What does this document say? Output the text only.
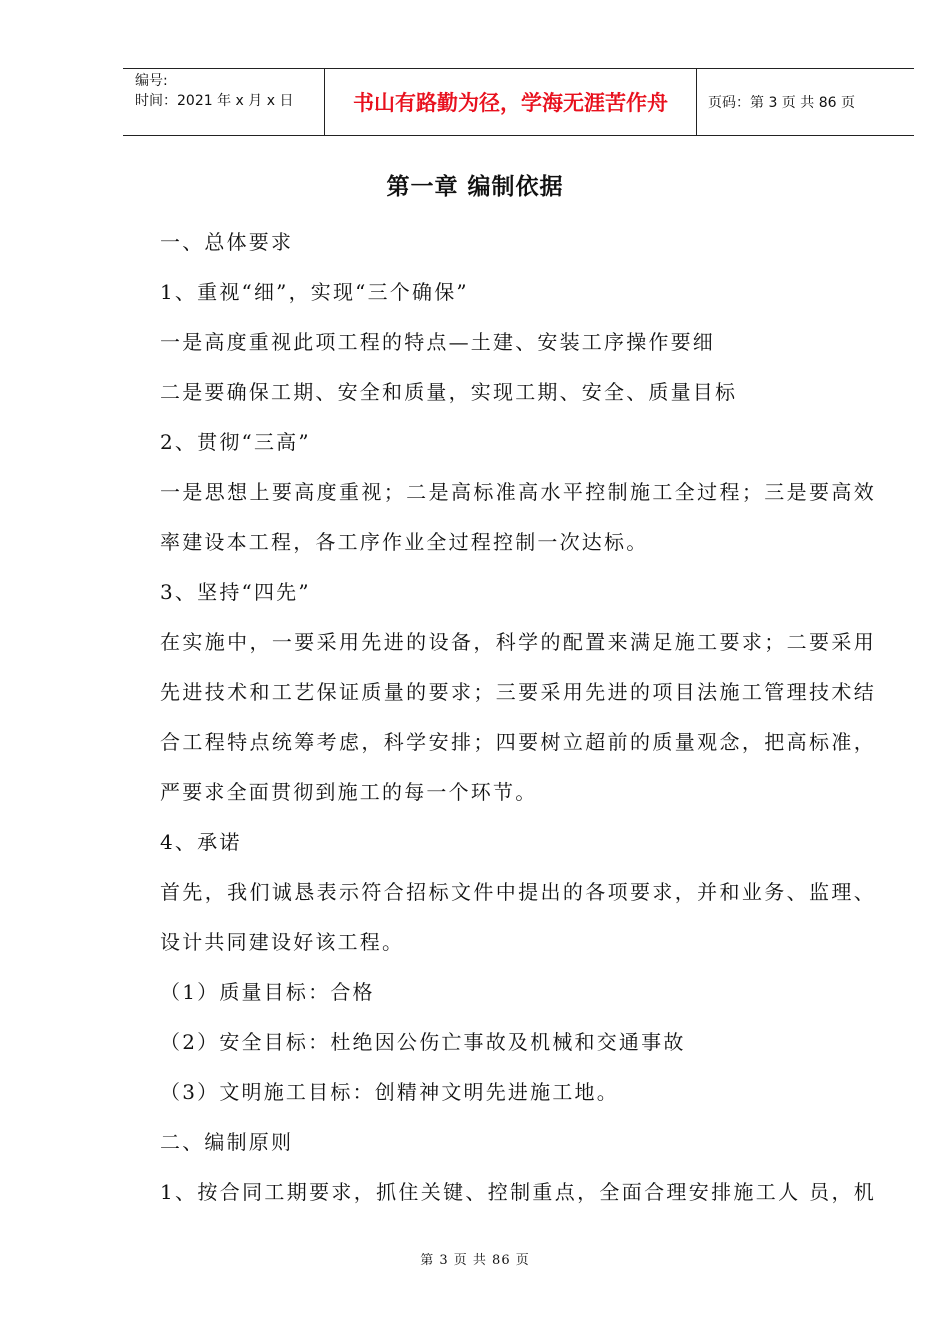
编号:
时间：2021 年 x 月 x 日	书山有路勤为径，学海无涯苦作舟	页码：第 3 页 共 86 页
第一章 编制依据

一、总体要求

1、重视“细”，实现“三个确保”

一是高度重视此项工程的特点—土建、安装工序操作要细

二是要确保工期、安全和质量，实现工期、安全、质量目标

2、贯彻“三高”

一是思想上要高度重视；二是高标准高水平控制施工全过程；三是要高效

率建设本工程，各工序作业全过程控制一次达标。

3、坚持“四先”

在实施中，一要采用先进的设备，科学的配置来满足施工要求；二要采用

先进技术和工艺保证质量的要求；三要采用先进的项目法施工管理技术结

合工程特点统筹考虑，科学安排；四要树立超前的质量观念，把高标准，

严要求全面贯彻到施工的每一个环节。

4、承诺

首先，我们诚恳表示符合招标文件中提出的各项要求，并和业务、监理、

设计共同建设好该工程。

（1）质量目标：合格

（2）安全目标：杜绝因公伤亡事故及机械和交通事故

（3）文明施工目标：创精神文明先进施工地。

二、编制原则

1、按合同工期要求，抓住关键、控制重点，全面合理安排施工人 员，机

第 3 页 共 86 页
